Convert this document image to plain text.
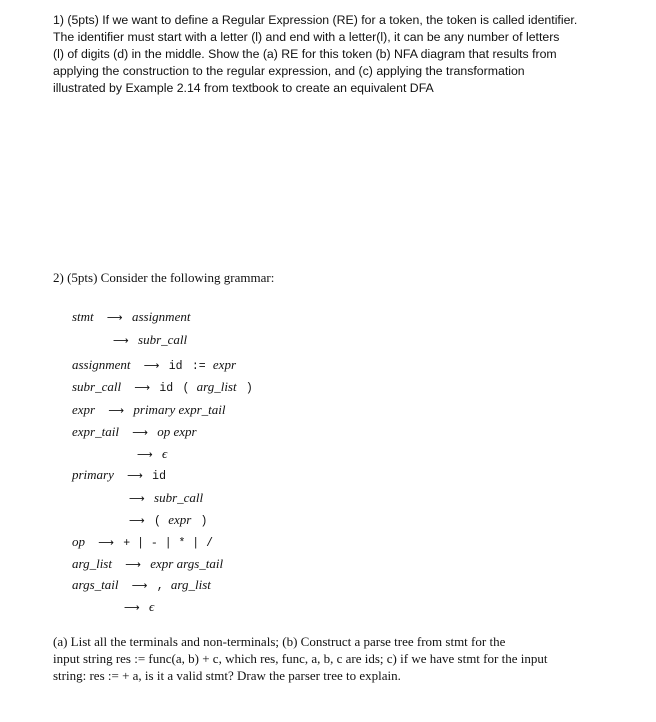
1) (5pts) If we want to define a Regular Expression (RE) for a token, the token is called identifier.
The identifier must start with a letter (l) and end with a letter(l), it can be any number of letters
(l) of digits (d) in the middle. Show the (a) RE for this token (b) NFA diagram that results from
applying the construction to the regular expression, and (c) applying the transformation
illustrated by Example 2.14 from textbook to create an equivalent DFA
2) (5pts) Consider the following grammar:
stmt ⟶ assignment
⟶ subr_call
assignment ⟶ id := expr
subr_call ⟶ id ( arg_list )
expr ⟶ primary expr_tail
expr_tail ⟶ op expr
⟶ ϵ
primary ⟶ id
⟶ subr_call
⟶ ( expr )
op ⟶ + | - | * | /
arg_list ⟶ expr args_tail
args_tail ⟶ , arg_list
⟶ ϵ
(a) List all the terminals and non-terminals; (b) Construct a parse tree from stmt for the
input string res := func(a, b) + c, which res, func, a, b, c are ids; c) if we have stmt for the input
string: res := + a, is it a valid stmt? Draw the parser tree to explain.
